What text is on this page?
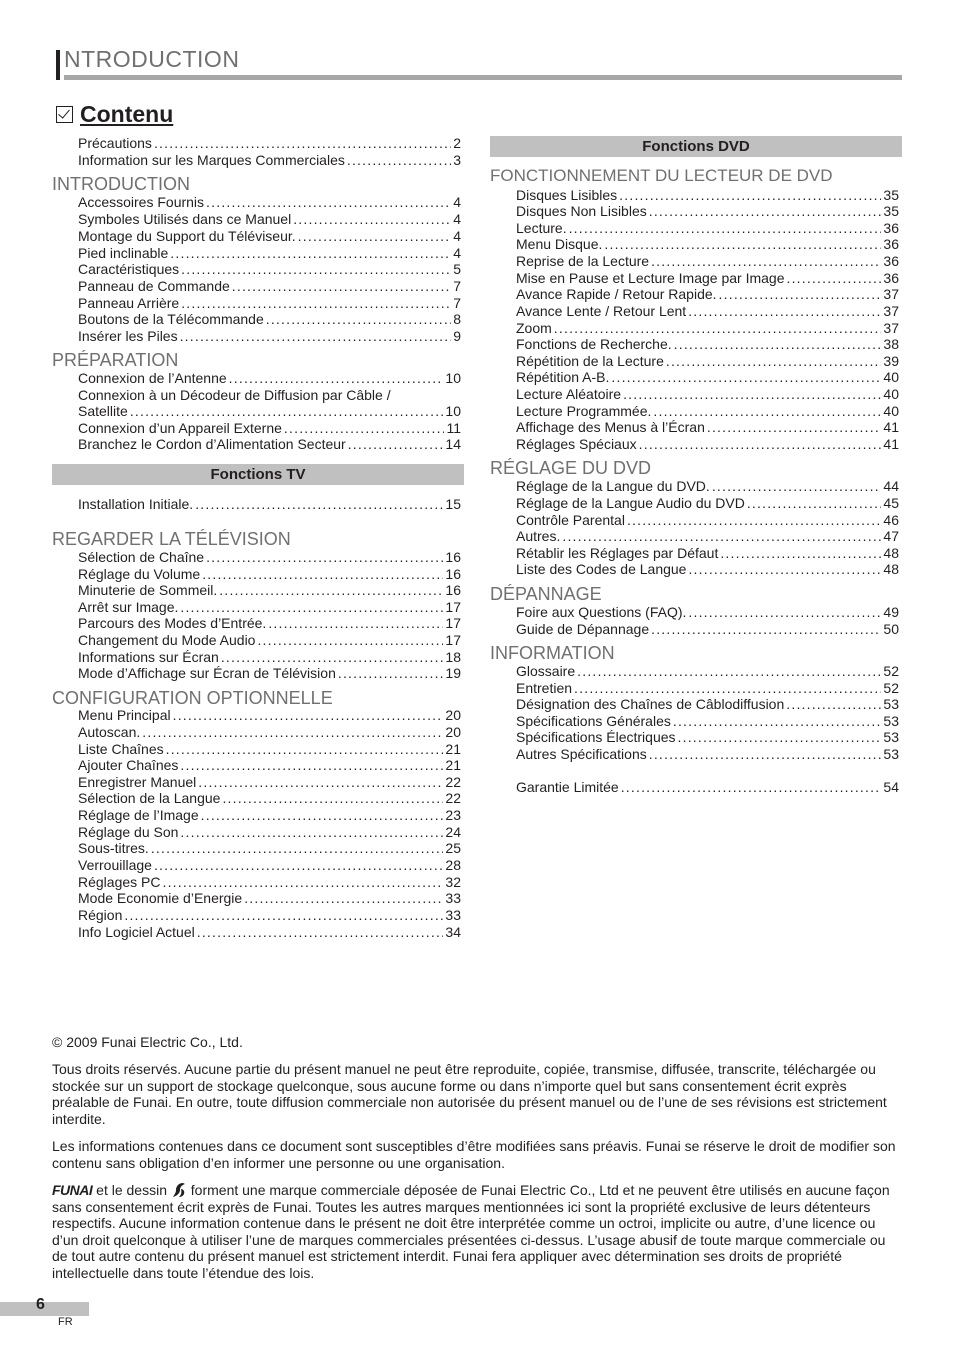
NTRODUCTION
Contenu
Précautions .....	2
Information sur les Marques Commerciales .....	3
INTRODUCTION
Accessoires Fournis .....	4
Symboles Utilisés dans ce Manuel .....	4
Montage du Support du Téléviseur. .....	4
Pied inclinable .....	4
Caractéristiques .....	5
Panneau de Commande .....	7
Panneau Arrière .....	7
Boutons de la Télécommande .....	8
Insérer les Piles .....	9
PRÉPARATION
Connexion de l’Antenne .....	10
Connexion à un Décodeur de Diffusion par Câble /
Satellite .....	10
Connexion d’un Appareil Externe .....	11
Branchez le Cordon d’Alimentation Secteur .....	14
Fonctions TV
Installation Initiale. .....	15
REGARDER LA TÉLÉVISION
Sélection de Chaîne .....	16
Réglage du Volume .....	16
Minuterie de Sommeil. .....	16
Arrêt sur Image. .....	17
Parcours des Modes d’Entrée. .....	17
Changement du Mode Audio .....	17
Informations sur Écran .....	18
Mode d’Affichage sur Écran de Télévision .....	19
CONFIGURATION OPTIONNELLE
Menu Principal .....	20
Autoscan. .....	20
Liste Chaînes .....	21
Ajouter Chaînes .....	21
Enregistrer Manuel .....	22
Sélection de la Langue .....	22
Réglage de l’Image .....	23
Réglage du Son .....	24
Sous-titres. .....	25
Verrouillage .....	28
Réglages PC .....	32
Mode Economie d’Energie .....	33
Région .....	33
Info Logiciel Actuel .....	34
Fonctions DVD
FONCTIONNEMENT DU LECTEUR DE DVD
Disques Lisibles .....	35
Disques Non Lisibles .....	35
Lecture. .....	36
Menu Disque. .....	36
Reprise de la Lecture .....	36
Mise en Pause et Lecture Image par Image .....	36
Avance Rapide / Retour Rapide. .....	37
Avance Lente / Retour Lent .....	37
Zoom .....	37
Fonctions de Recherche. .....	38
Répétition de la Lecture .....	39
Répétition A-B. .....	40
Lecture Aléatoire .....	40
Lecture Programmée. .....	40
Affichage des Menus à l’Écran .....	41
Réglages Spéciaux .....	41
RÉGLAGE DU DVD
Réglage de la Langue du DVD. .....	44
Réglage de la Langue Audio du DVD .....	45
Contrôle Parental .....	46
Autres. .....	47
Rétablir les Réglages par Défaut .....	48
Liste des Codes de Langue .....	48
DÉPANNAGE
Foire aux Questions (FAQ). .....	49
Guide de Dépannage .....	50
INFORMATION
Glossaire .....	52
Entretien .....	52
Désignation des Chaînes de Câblodiffusion .....	53
Spécifications Générales .....	53
Spécifications Électriques .....	53
Autres Spécifications .....	53
Garantie Limitée .....	54
© 2009 Funai Electric Co., Ltd.
Tous droits réservés. Aucune partie du présent manuel ne peut être reproduite, copiée, transmise, diffusée, transcrite, téléchargée ou stockée sur un support de stockage quelconque, sous aucune forme ou dans n’importe quel but sans consentement écrit exprès préalable de Funai. En outre, toute diffusion commerciale non autorisée du présent manuel ou de l’une de ses révisions est strictement interdite.
Les informations contenues dans ce document sont susceptibles d’être modifiées sans préavis. Funai se réserve le droit de modifier son contenu sans obligation d’en informer une personne ou une organisation.
FUNAI et le dessin  forment une marque commerciale déposée de Funai Electric Co., Ltd et ne peuvent être utilisés en aucune façon sans consentement écrit exprès de Funai. Toutes les autres marques mentionnées ici sont la propriété exclusive de leurs détenteurs respectifs. Aucune information contenue dans le présent ne doit être interprétée comme un octroi, implicite ou autre, d’une licence ou d’un droit quelconque à utiliser l’une de marques commerciales présentées ci-dessus. L’usage abusif de toute marque commerciale ou de tout autre contenu du présent manuel est strictement interdit. Funai fera appliquer avec détermination ses droits de propriété intellectuelle dans toute l’étendue des lois.
6
FR
